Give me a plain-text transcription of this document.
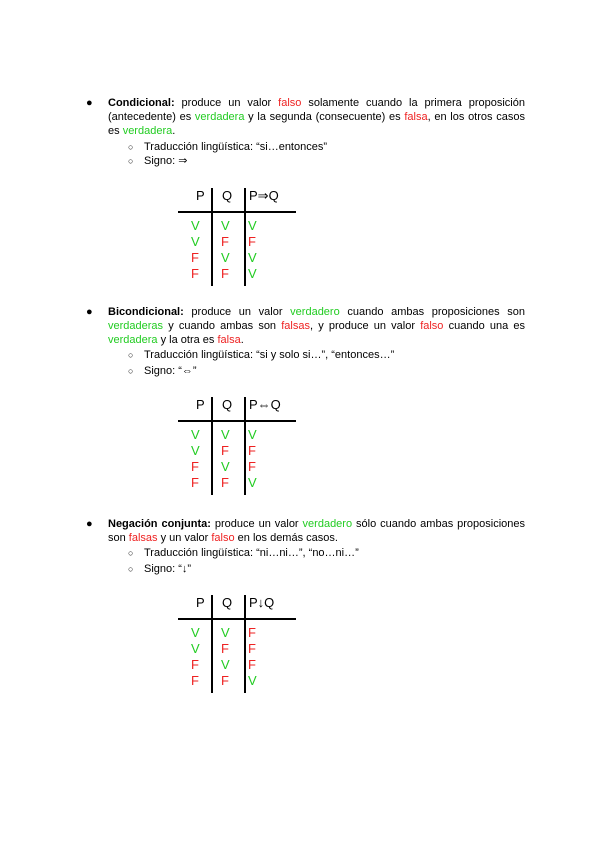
● Condicional: produce un valor falso solamente cuando la primera proposición (antecedente) es verdadera y la segunda (consecuente) es falsa, en los otros casos es verdadera.
○ Traducción lingüística: “si…entonces”
○ Signo: ⇒
P Q P⇒Q
V	V	V
V	F	F
F	V	V
F	F	V
● Bicondicional: produce un valor verdadero cuando ambas proposiciones son verdaderas y cuando ambas son falsas, y produce un valor falso cuando una es verdadera y la otra es falsa.
○ Traducción lingüística: “si y solo si…”, “entonces…”
○ Signo: “⇔”
P Q P⇔Q
V	V	V
V	F	F
F	V	F
F	F	V
● Negación conjunta: produce un valor verdadero sólo cuando ambas proposiciones son falsas y un valor falso en los demás casos.
○ Traducción lingüística: “ni…ni…”, “no…ni…”
○ Signo: “↓”
P Q P↓Q
V	V	F
V	F	F
F	V	F
F	F	V
